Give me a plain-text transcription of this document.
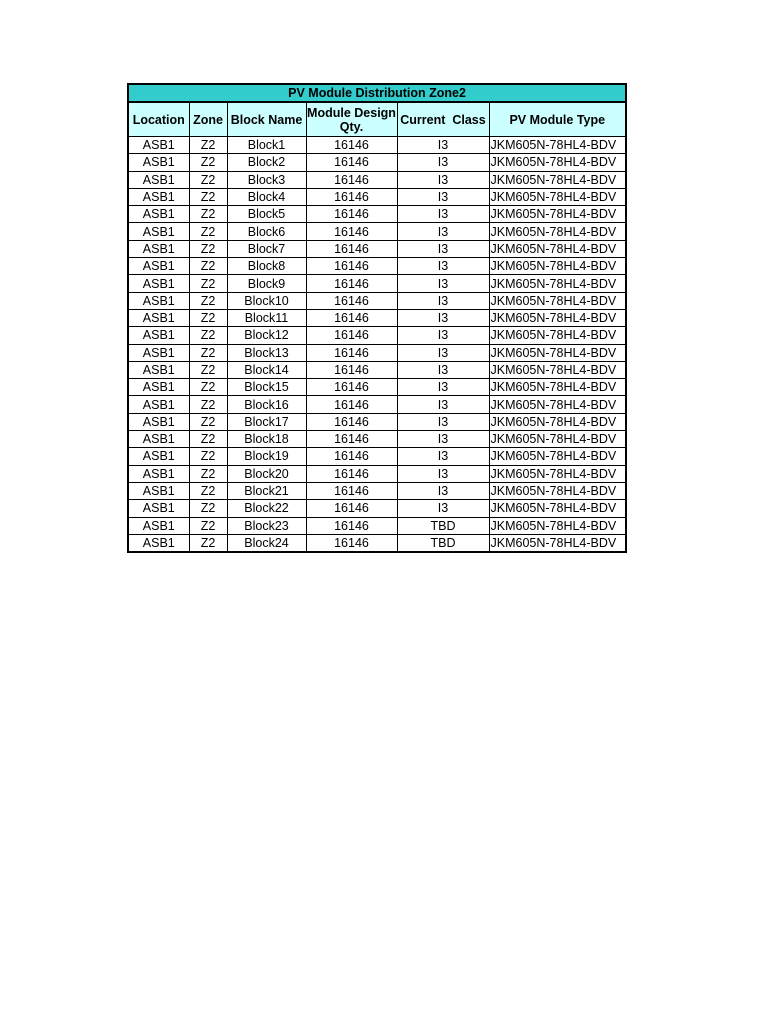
PV Module Distribution Zone2					
Location	Zone	Block Name	Module Design Qty.	Current  Class	PV Module Type
ASB1	Z2	Block1	16146	I3	JKM605N-78HL4-BDV
ASB1	Z2	Block2	16146	I3	JKM605N-78HL4-BDV
ASB1	Z2	Block3	16146	I3	JKM605N-78HL4-BDV
ASB1	Z2	Block4	16146	I3	JKM605N-78HL4-BDV
ASB1	Z2	Block5	16146	I3	JKM605N-78HL4-BDV
ASB1	Z2	Block6	16146	I3	JKM605N-78HL4-BDV
ASB1	Z2	Block7	16146	I3	JKM605N-78HL4-BDV
ASB1	Z2	Block8	16146	I3	JKM605N-78HL4-BDV
ASB1	Z2	Block9	16146	I3	JKM605N-78HL4-BDV
ASB1	Z2	Block10	16146	I3	JKM605N-78HL4-BDV
ASB1	Z2	Block11	16146	I3	JKM605N-78HL4-BDV
ASB1	Z2	Block12	16146	I3	JKM605N-78HL4-BDV
ASB1	Z2	Block13	16146	I3	JKM605N-78HL4-BDV
ASB1	Z2	Block14	16146	I3	JKM605N-78HL4-BDV
ASB1	Z2	Block15	16146	I3	JKM605N-78HL4-BDV
ASB1	Z2	Block16	16146	I3	JKM605N-78HL4-BDV
ASB1	Z2	Block17	16146	I3	JKM605N-78HL4-BDV
ASB1	Z2	Block18	16146	I3	JKM605N-78HL4-BDV
ASB1	Z2	Block19	16146	I3	JKM605N-78HL4-BDV
ASB1	Z2	Block20	16146	I3	JKM605N-78HL4-BDV
ASB1	Z2	Block21	16146	I3	JKM605N-78HL4-BDV
ASB1	Z2	Block22	16146	I3	JKM605N-78HL4-BDV
ASB1	Z2	Block23	16146	TBD	JKM605N-78HL4-BDV
ASB1	Z2	Block24	16146	TBD	JKM605N-78HL4-BDV
